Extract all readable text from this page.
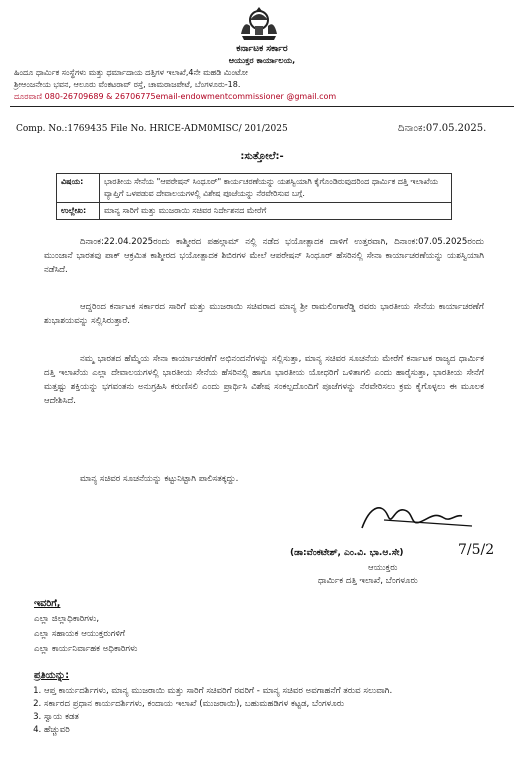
ಕರ್ನಾಟಕ ಸರ್ಕಾರ
ಆಯುಕ್ತರ ಕಾರ್ಯಾಲಯ,
ಹಿಂದೂ ಧಾರ್ಮಿಕ ಸಂಸ್ಥೆಗಳು ಮತ್ತು ಧರ್ಮಾದಾಯ ದತ್ತಿಗಳ ಇಲಾಖೆ,4ನೇ ಮಹಡಿ ಮಿಂಟೋ
ಶ್ರೀಆಂಜನೇಯ ಭವನ, ಆಲೂರು ವೆಂಕಟರಾವ್ ರಸ್ತೆ, ಚಾಮರಾಜಪೇಟೆ, ಬೆಂಗಳೂರು-18.
ದೂರವಾಣಿ 080-26709689 & 26706775email-endowmentcommissioner @gmail.com
Comp. No.:1769435 File No. HRICE-ADM0MISC/ 201/2025	ದಿನಾಂಕ:07.05.2025.
:ಸುತ್ತೋಲೆ:-
ವಿಷಯ:	ಭಾರತೀಯ ಸೇನೆಯ "ಆಪರೇಷನ್ ಸಿಂಧೂರ್" ಕಾರ್ಯಚರಣೆಯನ್ನು ಯಶಸ್ವಿಯಾಗಿ ಕೈಗೊಂಡಿರುವುದರಿಂದ ಧಾರ್ಮಿಕ ದತ್ತಿ ಇಲಾಖೆಯ ವ್ಯಾಪ್ತಿಗೆ ಒಳಪಡುವ ದೇವಾಲಯಗಳಲ್ಲಿ ವಿಶೇಷ ಪೂಜೆಯನ್ನು ನೆರವೇರಿಸುವ ಬಗ್ಗೆ.
ಉಲ್ಲೇಖ:	ಮಾನ್ಯ ಸಾರಿಗೆ ಮತ್ತು ಮುಜರಾಯಿ ಸಚಿವರ ನಿರ್ದೇಶನದ ಮೇರೆಗೆ

ದಿನಾಂಕ:22.04.2025ರಂದು ಕಾಶ್ಮೀರದ ಪಹಲ್ಗಾಮ್ ನಲ್ಲಿ ನಡೆದ ಭಯೋತ್ಪಾದಕ ದಾಳಿಗೆ ಉತ್ತರವಾಗಿ, ದಿನಾಂಕ:07.05.2025ರಂದು ಮುಂಜಾನೆ ಭಾರತವು ಪಾಕ್ ಆಕ್ರಮಿತ ಕಾಶ್ಮೀರದ ಭಯೋತ್ಪಾದಕ ಶಿಬಿರಗಳ ಮೇಲೆ ಆಪರೇಷನ್ ಸಿಂಧೂರ್ ಹೆಸರಿನಲ್ಲಿ ಸೇನಾ ಕಾರ್ಯಾಚರಣೆಯನ್ನು ಯಶಸ್ವಿಯಾಗಿ ನಡೆಸಿದೆ.

ಆದ್ದರಿಂದ ಕರ್ನಾಟಕ ಸರ್ಕಾರದ ಸಾರಿಗೆ ಮತ್ತು ಮುಜರಾಯಿ ಸಚಿವರಾದ ಮಾನ್ಯ ಶ್ರೀ ರಾಮಲಿಂಗಾರೆಡ್ಡಿ ರವರು ಭಾರತೀಯ ಸೇನೆಯ ಕಾರ್ಯಾಚರಣೆಗೆ ಶುಭಾಶಯವನ್ನು ಸಲ್ಲಿಸಿರುತ್ತಾರೆ.

ನಮ್ಮ ಭಾರತದ ಹೆಮ್ಮೆಯ ಸೇನಾ ಕಾರ್ಯಾಚರಣೆಗೆ ಅಭಿನಂದನೆಗಳನ್ನು ಸಲ್ಲಿಸುತ್ತಾ, ಮಾನ್ಯ ಸಚಿವರ ಸೂಚನೆಯ ಮೇರೆಗೆ ಕರ್ನಾಟಕ ರಾಜ್ಯದ ಧಾರ್ಮಿಕ ದತ್ತಿ ಇಲಾಖೆಯ ಎಲ್ಲಾ ದೇವಾಲಯಗಳಲ್ಲಿ ಭಾರತೀಯ ಸೇನೆಯ ಹೆಸರಿನಲ್ಲಿ ಹಾಗೂ ಭಾರತೀಯ ಯೋಧರಿಗೆ ಒಳಿತಾಗಲಿ ಎಂದು ಹಾರೈಸುತ್ತಾ, ಭಾರತೀಯ ಸೇನೆಗೆ ಮತ್ತಷ್ಟು ಶಕ್ತಿಯನ್ನು ಭಗವಂತನು ಅನುಗ್ರಹಿಸಿ ಕರುಣಿಸಲಿ ಎಂದು ಪ್ರಾರ್ಥಿಸಿ ವಿಶೇಷ ಸಂಕಲ್ಪದೊಂದಿಗೆ ಪೂಜೆಗಳನ್ನು ನೆರವೇರಿಸಲು ಕ್ರಮ ಕೈಗೊಳ್ಳಲು ಈ ಮೂಲಕ ಆದೇಶಿಸಿದೆ.

ಮಾನ್ಯ ಸಚಿವರ ಸೂಚನೆಯನ್ನು ಕಟ್ಟುನಿಟ್ಟಾಗಿ ಪಾಲಿಸತಕ್ಕದ್ದು.

7/5/2
(ಡಾ:ವೆಂಕಟೇಶ್, ಎಂ.ವಿ. ಭಾ.ಆ.ಸೇ)
ಆಯುಕ್ತರು
ಧಾರ್ಮಿಕ ದತ್ತಿ ಇಲಾಖೆ, ಬೆಂಗಳೂರು
ಇವರಿಗೆ,
ಎಲ್ಲಾ ಜಿಲ್ಲಾಧಿಕಾರಿಗಳು,
ಎಲ್ಲಾ ಸಹಾಯಕ ಆಯುಕ್ತರುಗಳಿಗೆ
ಎಲ್ಲಾ ಕಾರ್ಯನಿರ್ವಾಹಕ ಅಧಿಕಾರಿಗಳು
ಪ್ರತಿಯನ್ನು:
1. ಆಪ್ತ ಕಾರ್ಯದರ್ಶಿಗಳು, ಮಾನ್ಯ ಮುಜರಾಯಿ ಮತ್ತು ಸಾರಿಗೆ ಸಚಿವರಿಗೆ ರವರಿಗೆ - ಮಾನ್ಯ ಸಚಿವರ ಅವಗಾಹನೆಗೆ ತರುವ ಸಲುವಾಗಿ.
2. ಸರ್ಕಾರದ ಪ್ರಧಾನ ಕಾರ್ಯದರ್ಶಿಗಳು, ಕಂದಾಯ ಇಲಾಖೆ (ಮುಜರಾಯಿ), ಬಹುಮಹಡಿಗಳ ಕಟ್ಟಡ, ಬೆಂಗಳೂರು
3. ಸ್ವಾಯ ಕಡತ
4. ಹೆಚ್ಚುವರಿ
